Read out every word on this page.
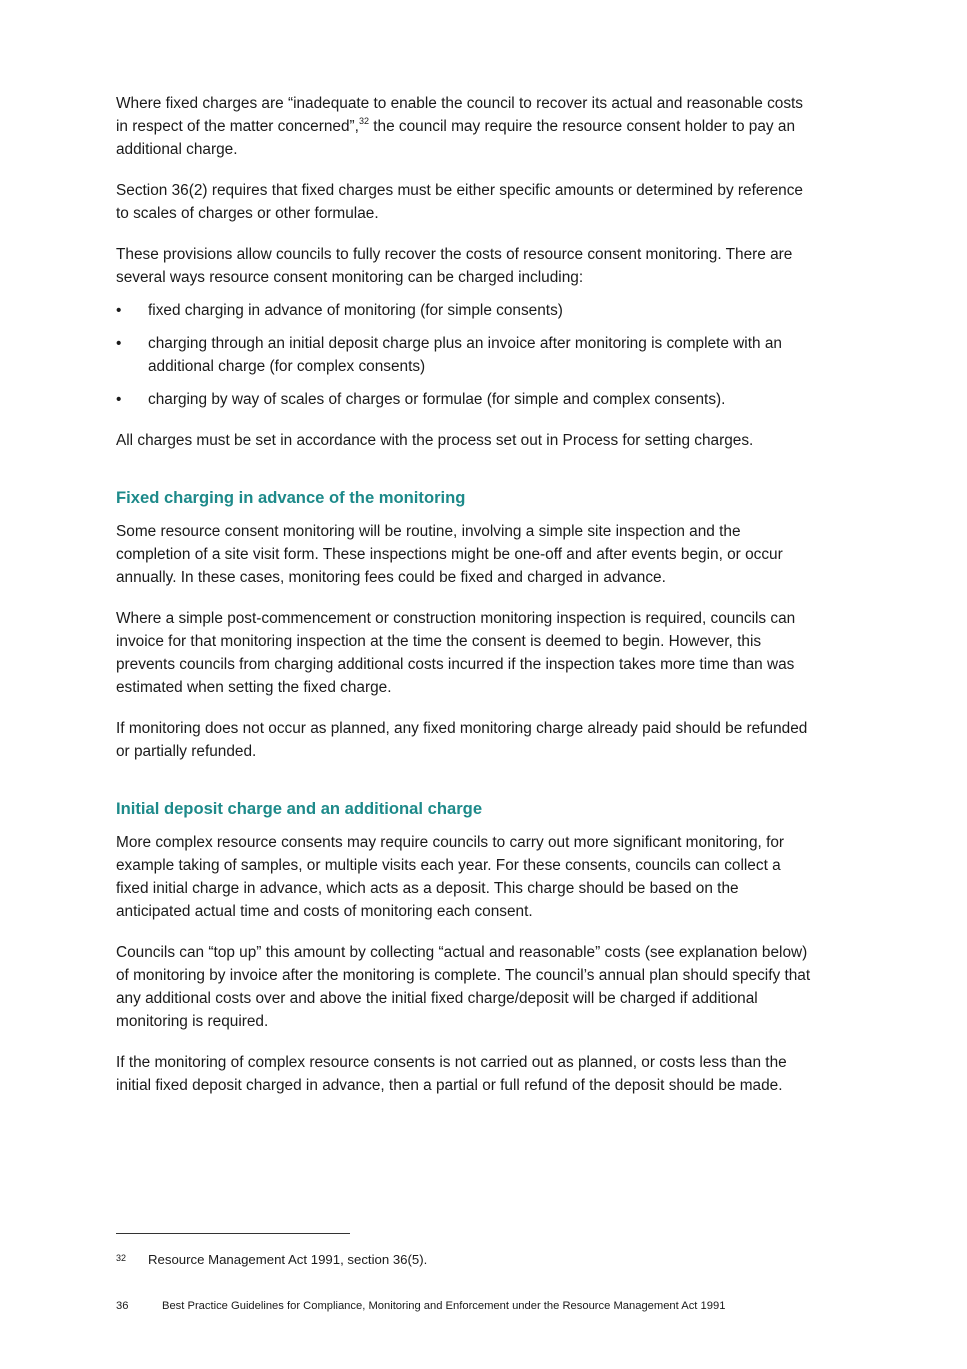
Where fixed charges are “inadequate to enable the council to recover its actual and reasonable costs in respect of the matter concerned”,$^{32}$ the council may require the resource consent holder to pay an additional charge.

Section 36(2) requires that fixed charges must be either specific amounts or determined by reference to scales of charges or other formulae.

These provisions allow councils to fully recover the costs of resource consent monitoring. There are several ways resource consent monitoring can be charged including:

• fixed charging in advance of monitoring (for simple consents)
• charging through an initial deposit charge plus an invoice after monitoring is complete with an additional charge (for complex consents)
• charging by way of scales of charges or formulae (for simple and complex consents).

All charges must be set in accordance with the process set out in Process for setting charges.

Fixed charging in advance of the monitoring

Some resource consent monitoring will be routine, involving a simple site inspection and the completion of a site visit form. These inspections might be one-off and after events begin, or occur annually. In these cases, monitoring fees could be fixed and charged in advance.

Where a simple post-commencement or construction monitoring inspection is required, councils can invoice for that monitoring inspection at the time the consent is deemed to begin. However, this prevents councils from charging additional costs incurred if the inspection takes more time than was estimated when setting the fixed charge.

If monitoring does not occur as planned, any fixed monitoring charge already paid should be refunded or partially refunded.

Initial deposit charge and an additional charge

More complex resource consents may require councils to carry out more significant monitoring, for example taking of samples, or multiple visits each year. For these consents, councils can collect a fixed initial charge in advance, which acts as a deposit. This charge should be based on the anticipated actual time and costs of monitoring each consent.

Councils can “top up” this amount by collecting “actual and reasonable” costs (see explanation below) of monitoring by invoice after the monitoring is complete. The council’s annual plan should specify that any additional costs over and above the initial fixed charge/deposit will be charged if additional monitoring is required.

If the monitoring of complex resource consents is not carried out as planned, or costs less than the initial fixed deposit charged in advance, then a partial or full refund of the deposit should be made.

32 Resource Management Act 1991, section 36(5).
36	Best Practice Guidelines for Compliance, Monitoring and Enforcement under the Resource Management Act 1991
